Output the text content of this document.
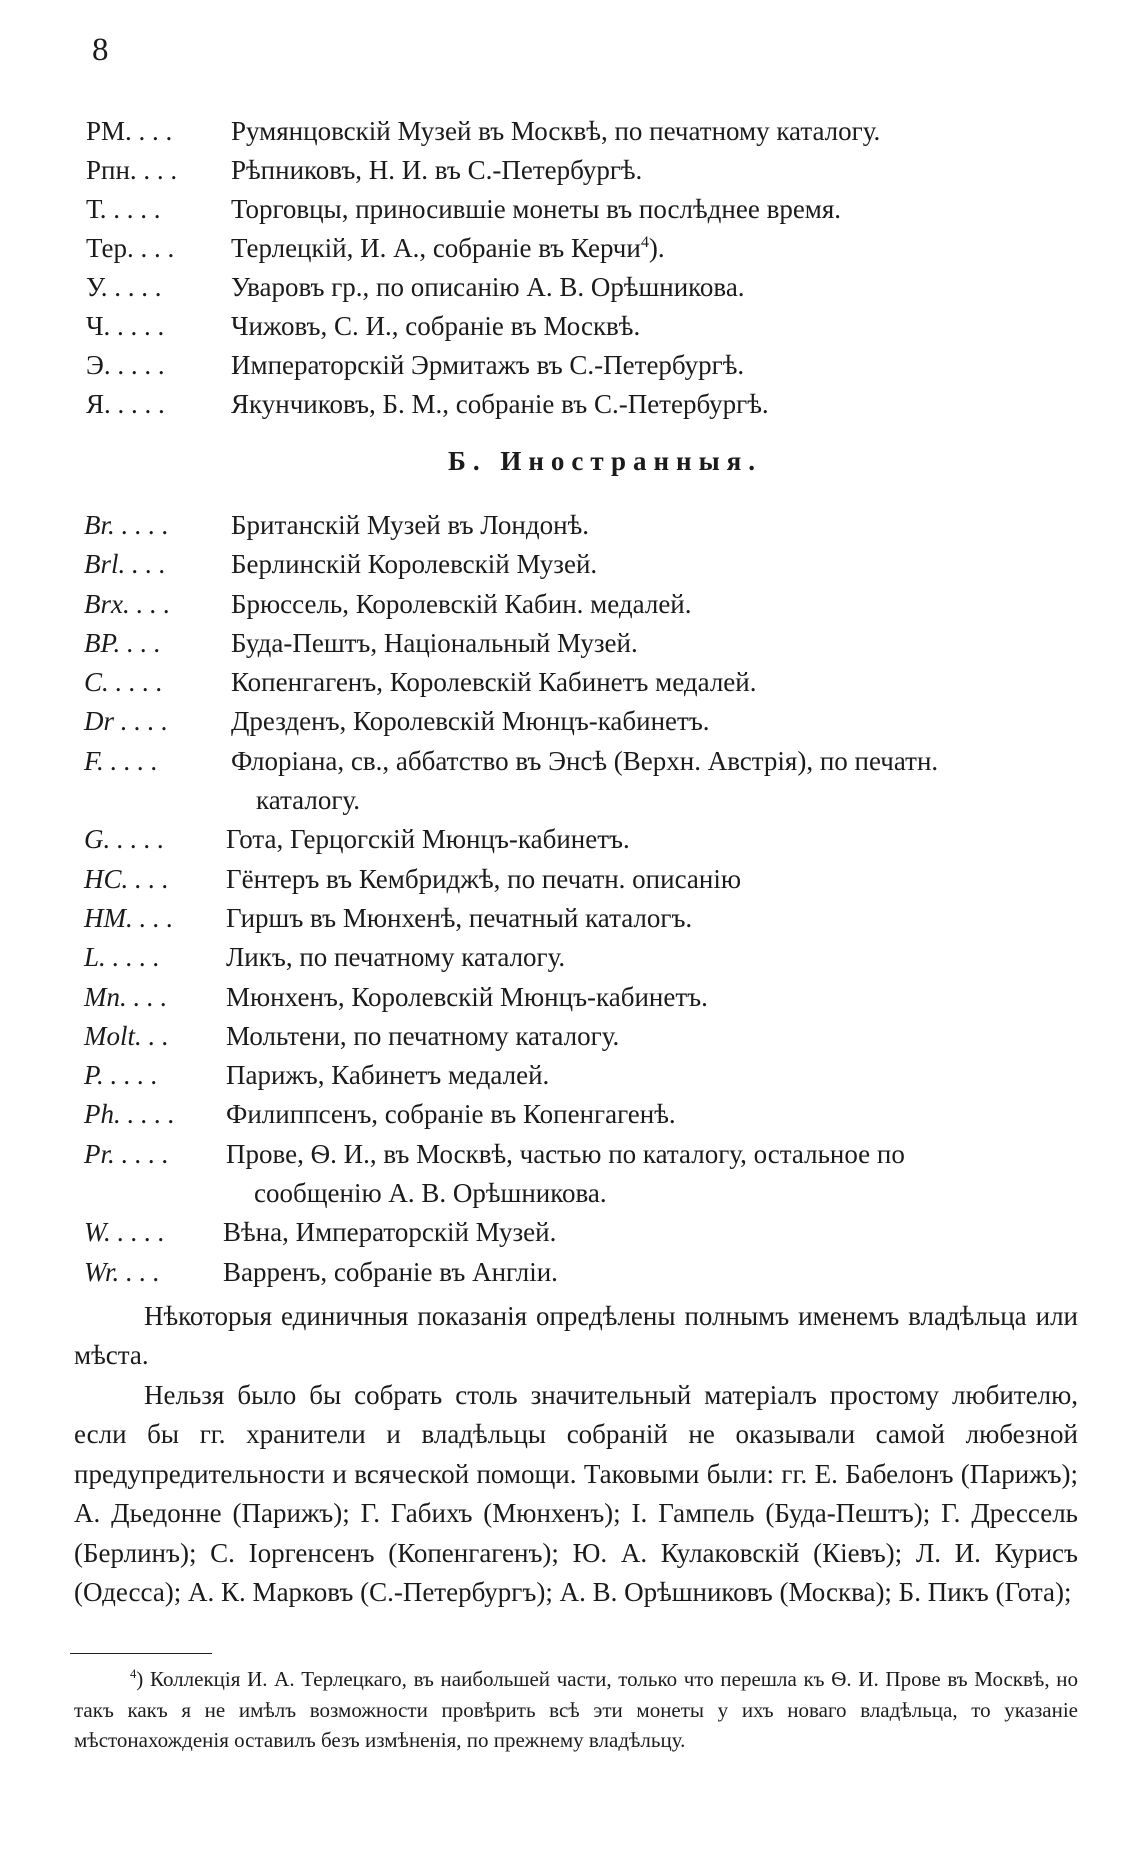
8
РМ. . . . Румянцовскій Музей въ Москвѣ, по печатному каталогу.
Рпн. . . . Рѣпниковъ, Н. И. въ С.-Петербургѣ.
Т. . . . .	Торговцы, приносившіе монеты въ послѣднее время.
Тер. . . . Терлецкій, И. А., собраніе въ Керчи$^4$).
У. . . . .	Уваровъ гр., по описанію А. В. Орѣшникова.
Ч. . . . . Чижовъ, С. И., собраніе въ Москвѣ.
Э. . . . . Императорскій Эрмитажъ въ С.-Петербургѣ.
Я. . . . . Якунчиковъ, Б. М., собраніе въ С.-Петербургѣ.
Б. Иностранныя.
Br. . . . . Британскій Музей въ Лондонѣ.
Brl. . . . Берлинскій Королевскій Музей.
Brx. . . . Брюссель, Королевскій Кабин. медалей.
BP. . . .	Буда-Пештъ, Національный Музей.
C. . . . .	Копенгагенъ, Королевскій Кабинетъ медалей.
Dr . . . . Дрезденъ, Королевскій Мюнцъ-кабинетъ.
F. . . . .	Флоріана, св., аббатство въ Энсѣ (Верхн. Австрія), по печатн.
каталогу.
G. . . . . Гота, Герцогскій Мюнцъ-кабинетъ.
HC. . . . Гёнтеръ въ Кембриджѣ, по печатн. описанію
HM. . . . Гиршъ въ Мюнхенѣ, печатный каталогъ.
L. . . . . Ликъ, по печатному каталогу.
Mn. . . . Мюнхенъ, Королевскій Мюнцъ-кабинетъ.
Molt. . . Мольтени, по печатному каталогу.
P. . . . .	Парижъ, Кабинетъ медалей.
Ph. . . . . Филиппсенъ, собраніе въ Копенгагенѣ.
Pr. . . . . Прове, Ѳ. И., въ Москвѣ, частью по каталогу, остальное по
сообщенію А. В. Орѣшникова.
W. . . . . Вѣна, Императорскій Музей.
Wr. . . . Варренъ, собраніе въ Англіи.

Нѣкоторыя единичныя показанія опредѣлены полнымъ именемъ владѣльца или мѣста.

Нельзя было бы собрать столь значительный матеріалъ простому любителю, если бы гг. хранители и владѣльцы собраній не оказывали самой любезной предупредительности и всяческой помощи. Таковыми были: гг. Е. Бабелонъ (Парижъ); А. Дьедонне (Парижъ); Г. Габихъ (Мюнхенъ); І. Гампель (Буда-Пештъ); Г. Дрессель (Берлинъ); С. Іоргенсенъ (Копенгагенъ); Ю. А. Кулаковскій (Кіевъ); Л. И. Курисъ (Одесса); А. К. Марковъ (С.-Петербургъ); А. В. Орѣшниковъ (Москва); Б. Пикъ (Гота);

$^4$) Коллекція И. А. Терлецкаго, въ наибольшей части, только что перешла къ Ѳ. И. Прове въ Москвѣ, но такъ какъ я не имѣлъ возможности провѣрить всѣ эти монеты у ихъ новаго владѣльца, то указаніе мѣстонахожденія оставилъ безъ измѣненія, по прежнему владѣльцу.
